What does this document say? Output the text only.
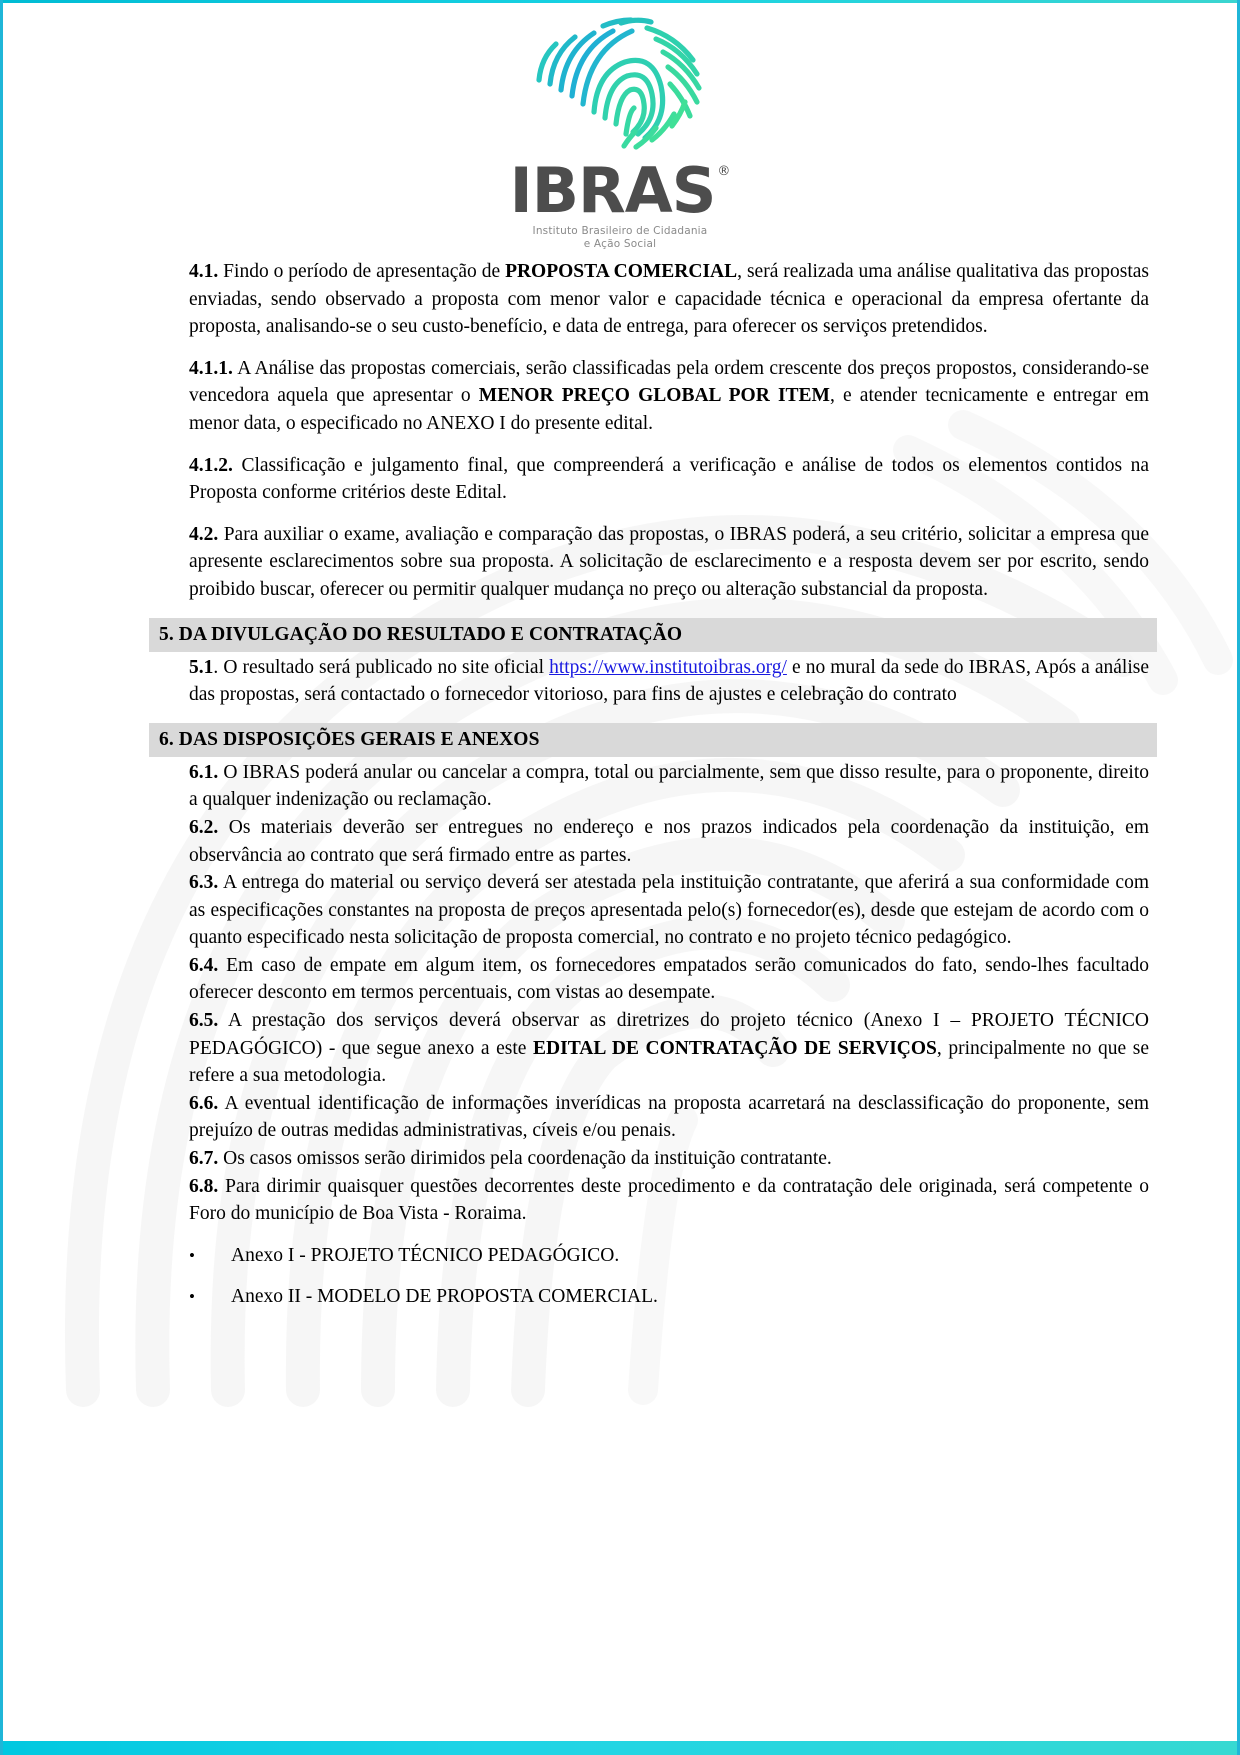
IBRAS ®
Instituto Brasileiro de Cidadania
e Ação Social

4.1. Findo o período de apresentação de PROPOSTA COMERCIAL, será realizada uma análise qualitativa das propostas enviadas, sendo observado a proposta com menor valor e capacidade técnica e operacional da empresa ofertante da proposta, analisando-se o seu custo-benefício, e data de entrega, para oferecer os serviços pretendidos.

4.1.1. A Análise das propostas comerciais, serão classificadas pela ordem crescente dos preços propostos, considerando-se vencedora aquela que apresentar o MENOR PREÇO GLOBAL POR ITEM, e atender tecnicamente e entregar em menor data, o especificado no ANEXO I do presente edital.

4.1.2. Classificação e julgamento final, que compreenderá a verificação e análise de todos os elementos contidos na Proposta conforme critérios deste Edital.

4.2. Para auxiliar o exame, avaliação e comparação das propostas, o IBRAS poderá, a seu critério, solicitar a empresa que apresente esclarecimentos sobre sua proposta. A solicitação de esclarecimento e a resposta devem ser por escrito, sendo proibido buscar, oferecer ou permitir qualquer mudança no preço ou alteração substancial da proposta.

5. DA DIVULGAÇÃO DO RESULTADO E CONTRATAÇÃO

5.1. O resultado será publicado no site oficial https://www.institutoibras.org/ e no mural da sede do IBRAS, Após a análise das propostas, será contactado o fornecedor vitorioso, para fins de ajustes e celebração do contrato

6. DAS DISPOSIÇÕES GERAIS E ANEXOS

6.1. O IBRAS poderá anular ou cancelar a compra, total ou parcialmente, sem que disso resulte, para o proponente, direito a qualquer indenização ou reclamação.

6.2. Os materiais deverão ser entregues no endereço e nos prazos indicados pela coordenação da instituição, em observância ao contrato que será firmado entre as partes.

6.3. A entrega do material ou serviço deverá ser atestada pela instituição contratante, que aferirá a sua conformidade com as especificações constantes na proposta de preços apresentada pelo(s) fornecedor(es), desde que estejam de acordo com o quanto especificado nesta solicitação de proposta comercial, no contrato e no projeto técnico pedagógico.

6.4. Em caso de empate em algum item, os fornecedores empatados serão comunicados do fato, sendo-lhes facultado oferecer desconto em termos percentuais, com vistas ao desempate.

6.5. A prestação dos serviços deverá observar as diretrizes do projeto técnico (Anexo I – PROJETO TÉCNICO PEDAGÓGICO) - que segue anexo a este EDITAL DE CONTRATAÇÃO DE SERVIÇOS, principalmente no que se refere a sua metodologia.

6.6. A eventual identificação de informações inverídicas na proposta acarretará na desclassificação do proponente, sem prejuízo de outras medidas administrativas, cíveis e/ou penais.

6.7. Os casos omissos serão dirimidos pela coordenação da instituição contratante.

6.8. Para dirimir quaisquer questões decorrentes deste procedimento e da contratação dele originada, será competente o Foro do município de Boa Vista - Roraima.

•	Anexo I - PROJETO TÉCNICO PEDAGÓGICO.
•	Anexo II - MODELO DE PROPOSTA COMERCIAL.
